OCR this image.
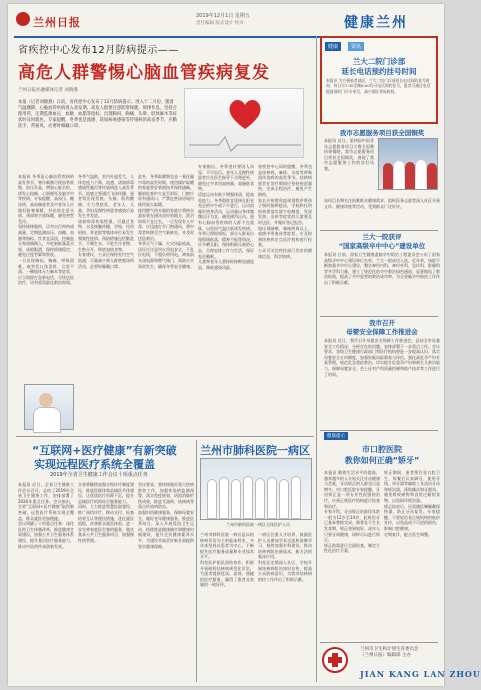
兰州日报	2019年12月1日 星期五
责任编辑 版式设计 校对	健康兰州
省疾控中心发布12月防病提示——
高危人群警惕心脑血管疾病复发
兰州日报社融媒体记者 刘晓燕
本报（记者刘晓燕）日前，省疾控中心发布了12月防病提示。进入十二月份，随着气温骤降，心脑血管疾病进入高发期，高危人群要注意防寒保暖，规律作息，坚持合理用药，定期监测血压、血糖、血脂等指标，出现胸闷、胸痛、头晕、肢体麻木等症状时及时就医。专家提醒，冬季也是流感、诺如病毒感染等传染病的高发季节，应勤洗手、常通风，必要时佩戴口罩。
本报讯 冬季是心脑血管疾病的高发季节，寒冷刺激可使血管收缩，血压升高，增加心脏负担，诱发心绞痛、心肌梗死及脑卒中等疾病。专家提醒，高血压、糖尿病、高血脂患者及中老年人应做好防寒保暖，外出时注意头部、颈部和手部保暖，避免突然受冷。
坚持规律服药，切勿自行停药或减量，定期监测血压、血糖、血脂等指标。饮食宜清淡，控制盐分和油脂摄入，多吃新鲜蔬菜水果，戒烟限酒，保持情绪稳定，避免过度劳累和熬夜。
一旦出现胸闷、胸痛、呼吸困难，或突发口角歪斜、言语不清、一侧肢体无力麻木等症状，应立即拨打急救电话，尽快送医治疗，切勿延误最佳救治时间。
冬季气温低，室内外温差大，人体免疫力下降，流感、诺如病毒感染性腹泻等传染病进入高发季节。流感主要通过飞沫传播，患者常出现发热、头痛、肌肉酸痛、乏力等症状，老年人、儿童、孕妇及慢性病患者感染后易发生并发症。
诺如病毒传染性强，可通过食物、水及接触传播，学校、托幼机构、养老院等集体单位易发生聚集性疫情。预防措施包括勤洗手、不喝生水、不吃生冷食物，生熟分开，彻底加热食物。
专家建议，公众应保持室内空气流通，尽量减少到人群密集场所活动，必要时佩戴口罩。
此外，冬季取暖期也是一氧化碳中毒的高发时期。使用煤炉取暖的家庭要安装烟囱并保持通畅，睡前检查炉火是否封好，门窗应留有通风口，严禁在密闭房间内使用炭火取暖。
使用燃气热水器的家庭应将热水器安装在通风良好的地方，洗浴时间不宜过长。一旦发现有人中毒，应迅速打开门窗通风，将中毒者转移至空气新鲜处，并及时送医救治。
冬季天气干燥，火灾风险较高，居民应注意用火用电安全，不乱拉电线，不超负荷用电，离家前关闭电源和燃气阀门，预防火灾事故发生，确保冬季安全健康。
专家指出，冬季进补要因人而异，不可盲目。老年人及慢性病患者应在医生指导下合理进补，避免过多食用高热量、高脂肪食物。
适度运动有助于增强体质，提高免疫力。冬季锻炼宜选择在阳光充足的中午或下午进行，运动前做好热身活动，运动量以身体微微出汗为宜，避免剧烈运动。患有心脑血管疾病的人群不宜晨练，以免因气温过低诱发疾病。
冬季日照时间短，部分人群易出现情绪低落、精神不振等情况，应多晒太阳，保持积极乐观的心态，合理安排工作与生活，保证充足睡眠。
儿童和老年人要按时接种流感疫苗，降低感染风险。
省疾控中心同时提醒，冬季也是结核病、麻疹、水痘等呼吸道传染病的高发季节。结核病患者在治疗期间应坚持规范服药，完成全程治疗，避免产生耐药。
家长应按照免疫规划程序带孩子按时接种疫苗，学校和托幼机构要落实晨午检制度，发现发热、出疹等症状的儿童要及时送医，并做好登记报告。
如出现咳嗽、咳痰两周以上，或痰中带血丝等症状，应及时到结核病定点医疗机构进行检查。
公众可关注疾控部门发布的健康信息，科学防病。
健康	资讯
兰大二院门诊部
延长电话预约挂号时间
本报讯 为方便患者就医，兰大二院门诊部延长电话预约挂号时间，每日早7:30至晚8:00均可电话预约挂号，患者可通过电话提前预约门诊专家号，减少排队等候时间。
我市志愿服务项目获全国铜奖
本报讯 近日，第四届中国青年志愿服务项目大赛全国赛结果揭晓，我市志愿服务项目荣获全国铜奖，展现了我市志愿服务工作的良好风貌。
该项目长期关注困难群众健康需求，组织医务志愿者深入社区开展义诊、健康讲座等活动，受到群众广泛好评。
兰大一院获评
“国家高级卒中中心”建设单位
本报讯 日前，国家卫生健康委脑卒中防治工程委员会公布了国家高级卒中中心建设单位名单，兰大一院成功入选。近年来，该院不断加强卒中中心建设，整合神经内科、神经外科、急诊科、影像科等多学科力量，建立了规范化的卒中救治绿色通道，显著缩短了救治时间，提高了卒中患者的救治成功率，为全省脑卒中防治工作作出了积极贡献。
我市召开
母婴安全保障工作推进会
本报讯 近日，我市召开母婴安全保障工作推进会，总结全市母婴安全工作情况，分析存在的问题，安排部署下一步重点工作。会议要求，各级卫生健康行政部门和医疗机构要进一步提高认识，落实母婴安全五项制度，加强妊娠风险筛查与评估，强化高危孕产妇专案管理，规范危急重症救治，切实提升危重孕产妇和新生儿救治能力，保障母婴安全。会上还对产科质量控制和助产技术等工作进行了培训。
健康提示
市口腔医院
教你如何正确“矫牙”
本报讯 随着生活水平的提高，越来越多的人开始关注牙齿健康与美观，牙齿矫正的人群也日益增多。市口腔医院专家提醒，牙齿矫正是一项专业性很强的治疗，应到正规医疗机构进行检查和治疗。
专家介绍，牙齿矫正的最佳年龄一般为12岁至14岁，此时恒牙已基本替换完成，颌骨处于生长发育期，矫正效果较好。成年人只要牙周健康，同样可以进行矫正。
矫正前需进行全面检查，制定个性化治疗方案。
矫正期间，患者要注意口腔卫生，每餐后认真刷牙，使用牙线、冲牙器等辅助工具清洁牙齿和矫治器，预防龋齿和牙龈炎。避免啃咬硬物和食用过黏的食物，以免损坏矫治器。
矫正结束后，还需遵医嘱佩戴保持器，防止牙齿复发。专家提醒，不要轻信非正规机构的低价宣传，以免造成不可逆的损伤，影响口腔健康。
定期复诊，配合医生调整。
“互联网+医疗健康”有新突破
实现远程医疗系统全覆盖
2019年全省卫生健康工作会议十项重点任务
本报讯 近日，全省卫生健康工作会议召开，总结了2019年全省卫生健康工作，安排部署了2020年重点任务。会议指出，全省“互联网+医疗健康”取得新突破，远程医疗系统实现全覆盖，群众就医更加便捷。
会议明确了十项重点任务：深化医药卫生体制改革，推进健康甘肃建设，加强公共卫生服务体系建设，提升基层医疗服务能力，推动中医药传承创新发展。
全省将继续加强分级诊疗制度建设，推进医联体和县域医共体建设，让优质医疗资源下沉，提升县域医疗机构综合服务能力。
同时，大力推进智慧医院建设，推广预约诊疗、移动支付、检查结果互认等便民措施，优化就医流程，改善群众就医体验。进一步完善家庭医生签约服务，做实基本公共卫生服务项目，加强慢性病管理。
会议要求，要持续做好重大疾病防控工作，加强传染病监测预警，落实免疫规划，巩固消除疟疾成果，推进艾滋病、结核病等重点传染病防治。
加强妇幼健康服务，保障母婴安全，做好老年健康服务，推进医养结合。深入开展爱国卫生运动，持续推进健康城市和健康村镇建设，提升全民健康素养水平，为建设幸福美好新甘肃提供坚实健康保障。
兰州市肺科医院一病区
兰州市肺科医院一病区全体医护人员
兰州市肺科医院一病区是以结核病诊治为主的临床科室，多年来坚持以患者为中心，不断提升医疗服务质量和专业技术水平。
科室医护团队团结协作，积极开展耐药结核病规范化诊治，为患者提供优质、高效、便捷的医疗服务，赢得了患者及家属的一致好评。
一病区注重人才培养，鼓励医护人员参加学术交流和进修学习，持续加强专科建设，推动结核病防治新技术、新方法的临床应用。
科室还定期深入社区、学校开展结核病防治知识宣传，提高公众防病意识，为我市结核病防控工作作出了积极贡献。
兰州市卫生和计划生育委员会
《兰州日报》编辑部 主办
JIAN KANG LAN ZHOU
